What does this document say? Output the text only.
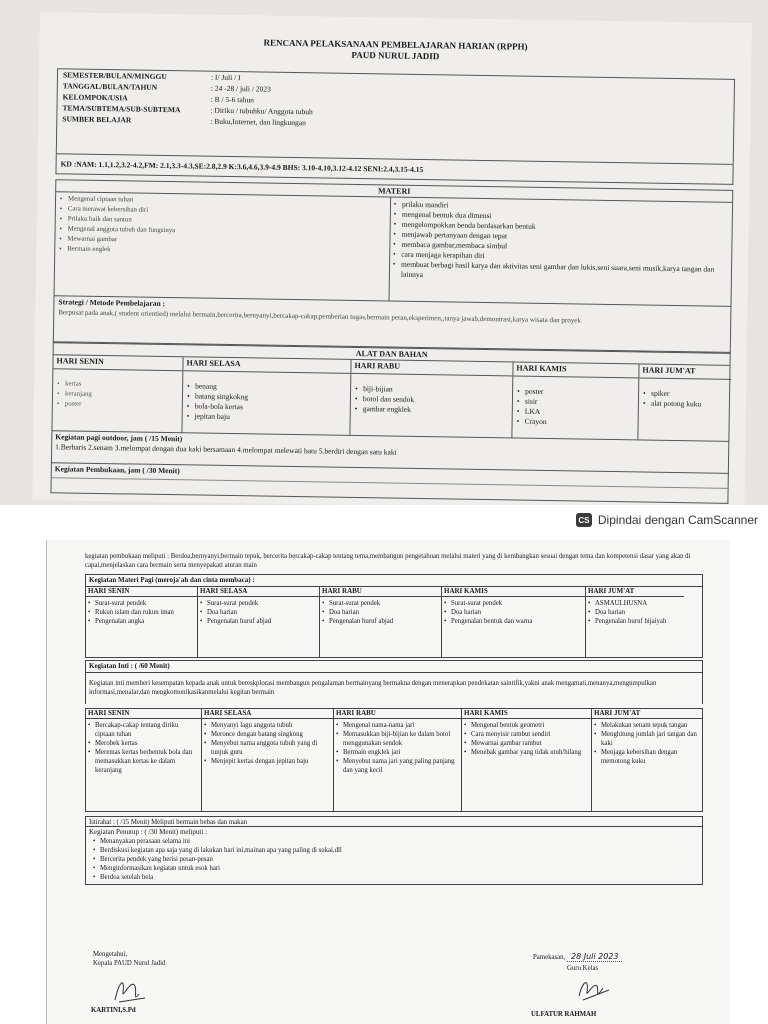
RENCANA PELAKSANAAN PEMBELAJARAN HARIAN (RPPH)
PAUD NURUL JADID
SEMESTER/BULAN/MINGGU	: I/ Juli / I
TANGGAL/BULAN/TAHUN	: 24 -28 / juli / 2023
KELOMPOK/USIA	: B / 5-6 tahun
TEMA/SUBTEMA/SUB-SUBTEMA	: Diriku / tubuhku/ Anggota tubuh
SUMBER BELAJAR	: Buku,Internet, dan lingkungan
KD :NAM: 1.1,1.2,3.2-4.2,FM: 2.1,3.3-4.3,SE:2.8,2.9 K:3.6,4.6,3.9-4.9 BHS: 3.10-4.10,3.12-4.12 SENI:2.4,3.15-4.15
MATERI
▪ Mengenal ciptaan tuhan
▪ Cara merawat kebersihan diri
▪ Prilaku baik dan santun
▪ Mengenal anggota tubuh dan fungsinya
▪ Mewarnai gambar
▪ Bermain englek
▪ prilaku mandiri
▪ mengenal bentuk dua dimensi
▪ mengelompokkan benda berdasarkan bentuk
▪ menjawab pertanyaan dengan tepat
▪ membaca gambar,membaca simbul
▪ cara menjaga kerapihan diri
▪ membuat berbagi hasil karya dan aktivitas seni gambar dan lukis,seni suara,seni musik,karya tangan dan lainnya
Strategi / Metode Pembelajaran :
Berpusat pada anak,( student orientied) melalui bermain,bercerita,bernyanyi,bercakap-cakap,pemberian tugas,bermain peran,eksperimen,,tanya jawab,demontrasi,karya wisata dan proyek
ALAT DAN BAHAN
HARI SENIN
• kertas
• keranjang
• poster
HARI SELASA
• benang
• batang singkokng
• bola-bola kertas
• jepitan baju
HARI RABU
• biji-bijian
• botol dan sendok
• gambar engklek
HARI KAMIS
• poster
• sisir
• LKA
• Crayon
HARI JUM'AT
• spiker
• alat potong kuku
Kegiatan pagi outdoor, jam ( /15 Menit)
1.Berbaris 2.senam 3.melompat dengan dua kaki bersamaan 4.melompat melewati batu 5.berdiri dengan satu kaki
Kegiatan Pembukaan, jam ( /30 Menit)
CS Dipindai dengan CamScanner
kegiatan pembukaan meliputi : Berdoa,bernyanyi,bermain tepuk, bercerita bercakap-cakap tentang tema,membangun pengetahuan melalui materi yang di kembangkan sesuai dengan tema dan kompetensi dasar yang akan di capai,menjelaskan cara bermain serta menyepakati aturan main
Kegiatan Materi Pagi (meroja'ah dan cinta membaca) :
HARI SENIN
• Surat-surat pendek
• Rukun islam dan rukun iman
• Pengenalan angka
HARI SELASA
• Surat-surat pendek
• Doa harian
• Pengenalan huruf abjad
HARI RABU
• Surat-surat pendek
• Doa harian
• Pengenalan huruf abjad
HARI KAMIS
• Surat-surat pendek
• Doa harian
• Pengenalan bentuk dan warna
HARI JUM'AT
• ASMAULHUSNA
• Doa harian
• Pengenalan huruf hijaiyah
Kegiatan Inti : ( /60 Menit)
Kegiatan inti memberi kesempatan kepada anak untuk bereskplorasi membangun pengalaman bermainyang bermakna dengan menerapkan pendekatan saintifik,yakni anak mengamati,menanya,mengumpulkan informasi,menalar,dan mengkomonikasikanmelalui kegitan bermain
HARI SENIN
• Bercakap-cakap tentang diriku ciptaan tuhan
• Merobek kertas
• Meremas kertas berbentuk bola dan memasukkan kertas ke dalam keranjang
HARI SELASA
• Menyanyi lagu anggota tubuh
• Meronce dengan batang singkong
• Menyebut nama anggota tubuh yang di tunjuk guru
• Menjepit kertas dengan jepitan baju
HARI RABU
• Mengenal nama-nama jari
• Memasukkan biji-bijian ke dalam botol menggunakan sendok
• Bermain engklek jari
• Menyebut nama jari yang paling panjang dan yang kecil
HARI KAMIS
• Mengenal bentuk geometri
• Cara menyisir rambut sendiri
• Mewarnai gambar rambut
• Menebak gambar yang tidak utuh/hilang
HARI JUM'AT
• Melakukan senam tepuk tangan
• Menghitung jumlah jari tangan dan kaki
• Menjaga kebersihan dengan memotong kuku
Istirahat : ( /15 Menit) Meliputi bermain bebas dan makan
Kegiatan Penutup : ( /30 Menit) meliputi :
• Menanyakan perasaan selama ini
• Berdiskusi kegiatan apa saja yang di lakukan hari ini,mainan apa yang paling di sukai,dll
• Bercerita pendek yang berisi pesan-pesan
• Menginformasikan kegiatan untuk esok hari
• Berdoa setelah bela
Mengetahui,
Kepala PAUD Nurul Jadid
KARTINI,S.Pd
Pamekasan, 28 Juli 2023
Guru Kelas
ULFATUR RAHMAH
